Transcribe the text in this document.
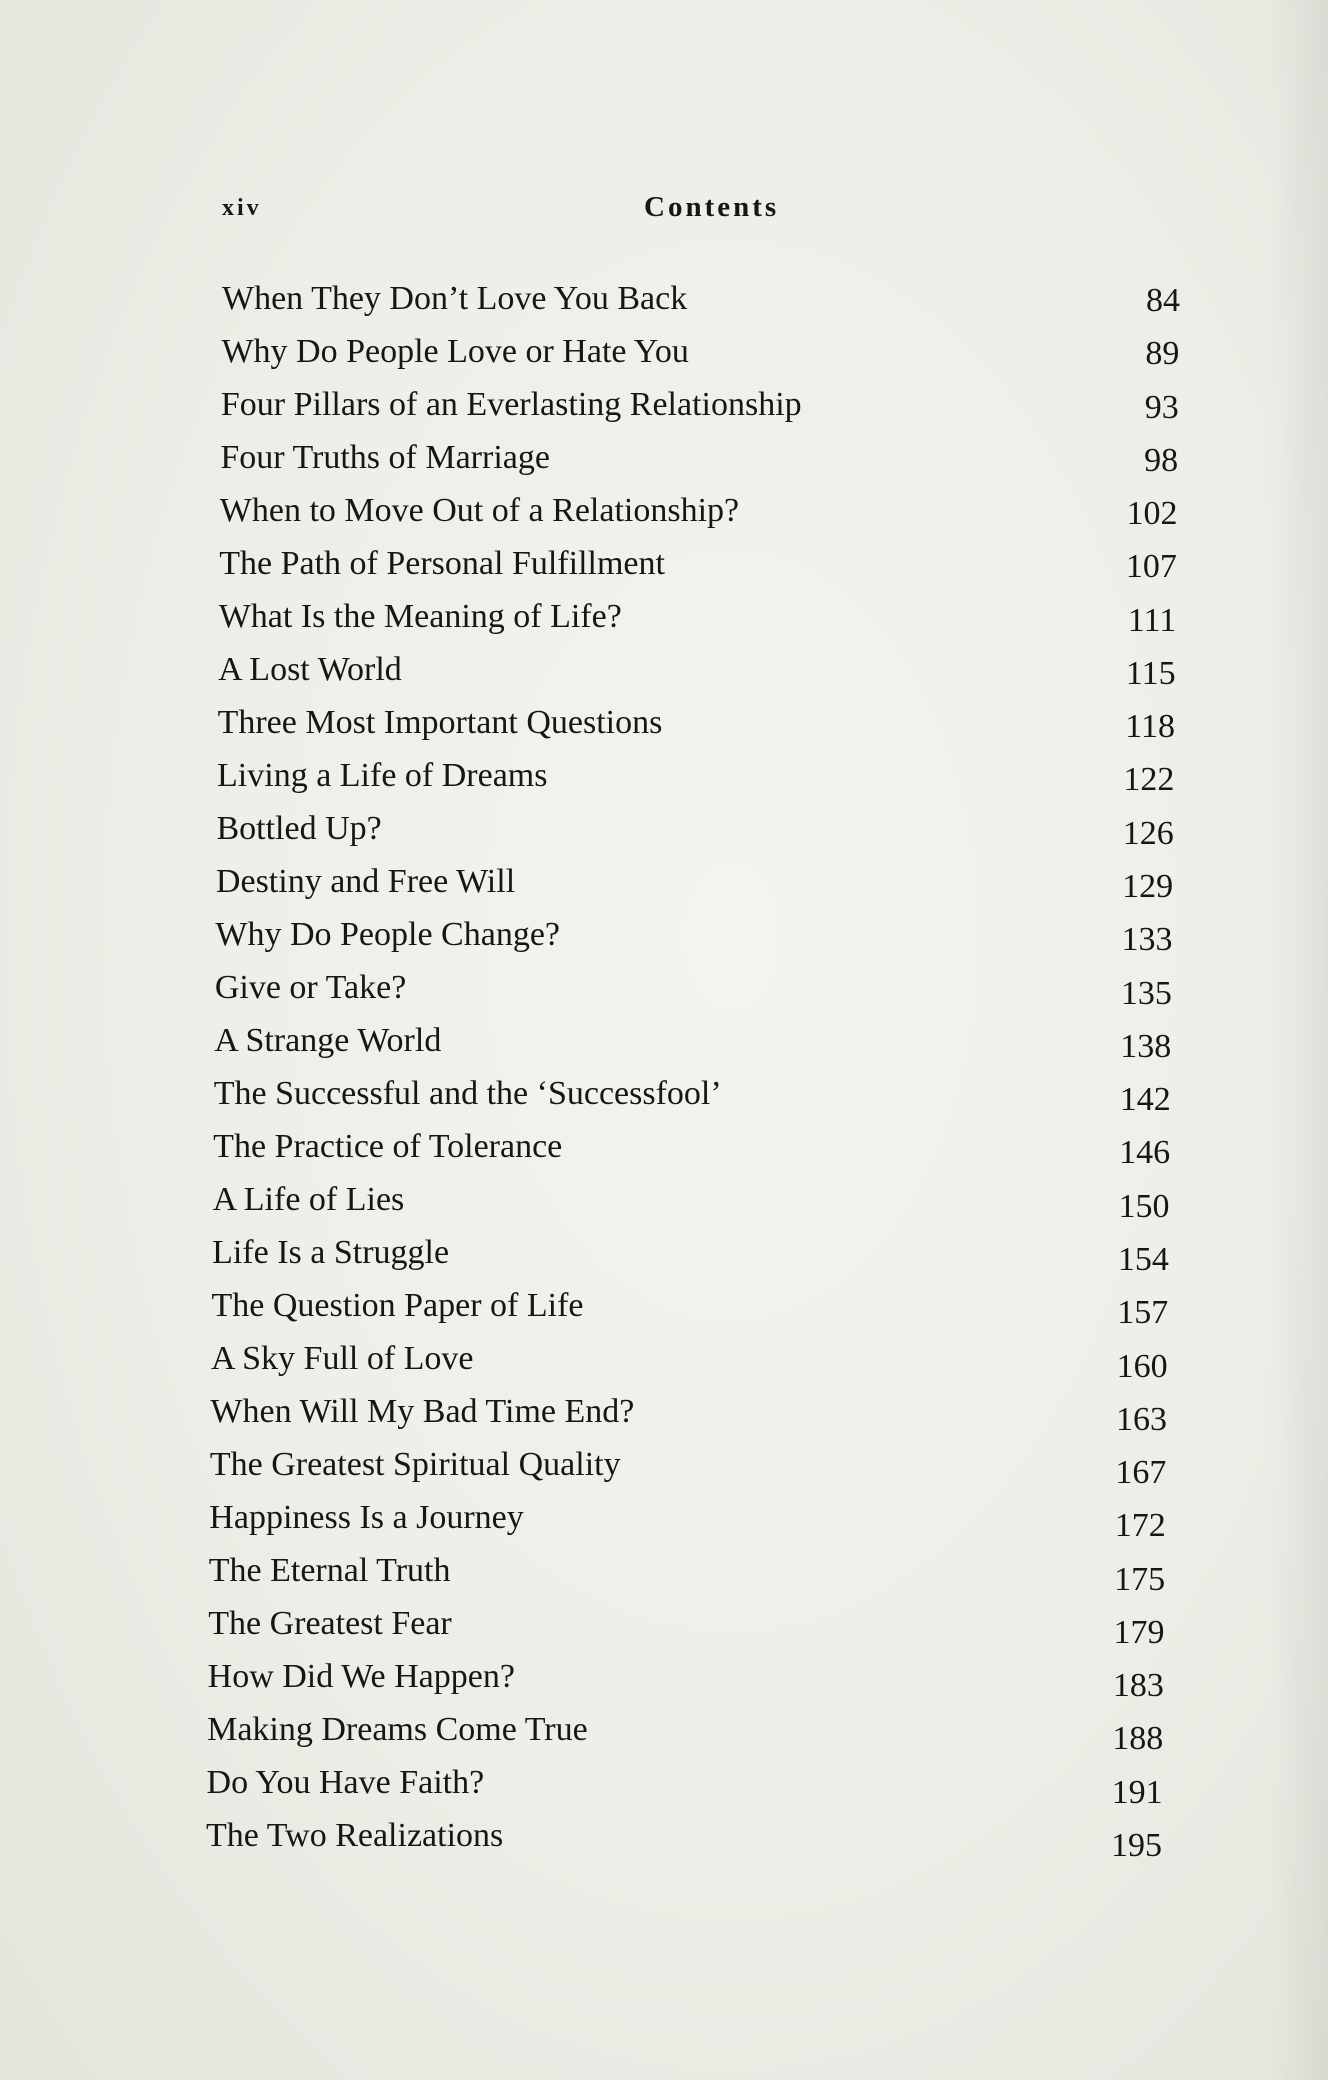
xiv	Contents
When They Don’t Love You Back	84
Why Do People Love or Hate You	89
Four Pillars of an Everlasting Relationship	93
Four Truths of Marriage	98
When to Move Out of a Relationship?	102
The Path of Personal Fulfillment	107
What Is the Meaning of Life?	111
A Lost World	115
Three Most Important Questions	118
Living a Life of Dreams	122
Bottled Up?	126
Destiny and Free Will	129
Why Do People Change?	133
Give or Take?	135
A Strange World	138
The Successful and the ‘Successfool’	142
The Practice of Tolerance	146
A Life of Lies	150
Life Is a Struggle	154
The Question Paper of Life	157
A Sky Full of Love	160
When Will My Bad Time End?	163
The Greatest Spiritual Quality	167
Happiness Is a Journey	172
The Eternal Truth	175
The Greatest Fear	179
How Did We Happen?	183
Making Dreams Come True	188
Do You Have Faith?	191
The Two Realizations	195
